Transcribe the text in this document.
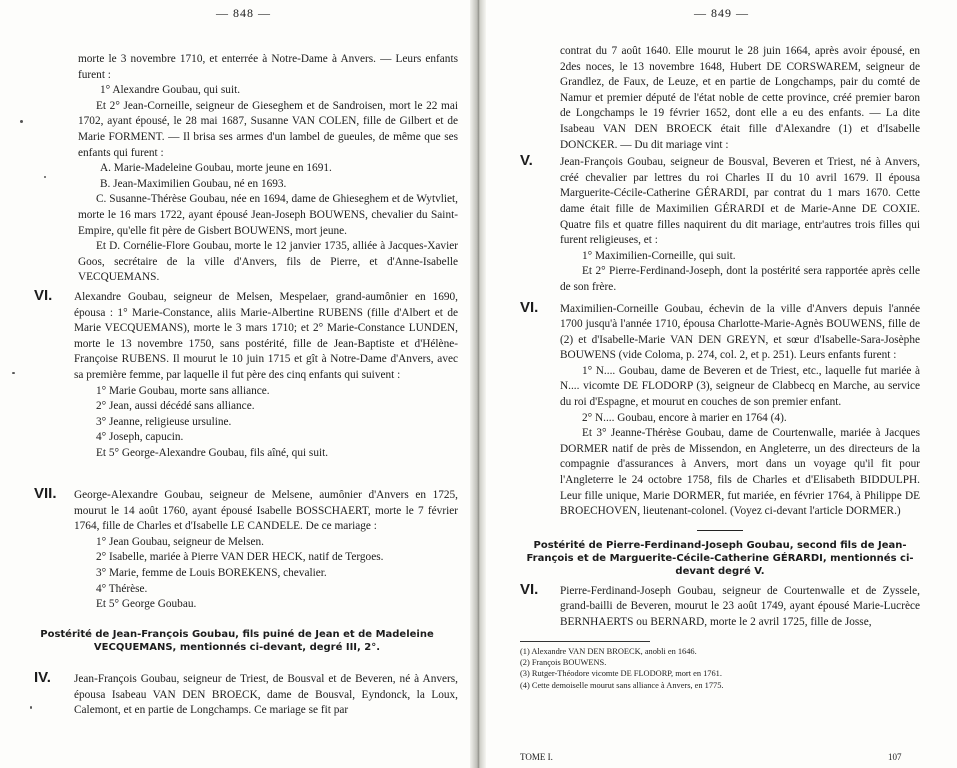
— 848 —

morte le 3 novembre 1710, et enterrée à Notre-Dame à Anvers. — Leurs enfants furent :

1° Alexandre Goubau, qui suit.

Et 2° Jean-Corneille, seigneur de Gieseghem et de Sandroisen, mort le 22 mai 1702, ayant épousé, le 28 mai 1687, Susanne VAN COLEN, fille de Gilbert et de Marie FORMENT. — Il brisa ses armes d'un lambel de gueules, de même que ses enfants qui furent :

A. Marie-Madeleine Goubau, morte jeune en 1691.

B. Jean-Maximilien Goubau, né en 1693.

C. Susanne-Thérèse Goubau, née en 1694, dame de Ghieseghem et de Wytvliet, morte le 16 mars 1722, ayant épousé Jean-Joseph BOUWENS, chevalier du Saint-Empire, qu'elle fit père de Gisbert BOUWENS, mort jeune.

Et D. Cornélie-Flore Goubau, morte le 12 janvier 1735, alliée à Jacques-Xavier Goos, secrétaire de la ville d'Anvers, fils de Pierre, et d'Anne-Isabelle VECQUEMANS.

VI. Alexandre Goubau, seigneur de Melsen, Mespelaer, grand-aumônier en 1690, épousa : 1° Marie-Constance, aliis Marie-Albertine RUBENS (fille d'Albert et de Marie VECQUEMANS), morte le 3 mars 1710; et 2° Marie-Constance LUNDEN, morte le 13 novembre 1750, sans postérité, fille de Jean-Baptiste et d'Hélène-Françoise RUBENS. Il mourut le 10 juin 1715 et gît à Notre-Dame d'Anvers, avec sa première femme, par laquelle il fut père des cinq enfants qui suivent :

1° Marie Goubau, morte sans alliance.

2° Jean, aussi décédé sans alliance.

3° Jeanne, religieuse ursuline.

4° Joseph, capucin.

Et 5° George-Alexandre Goubau, fils aîné, qui suit.

VII. George-Alexandre Goubau, seigneur de Melsene, aumônier d'Anvers en 1725, mourut le 14 août 1760, ayant épousé Isabelle BOSSCHAERT, morte le 7 février 1764, fille de Charles et d'Isabelle LE CANDELE. De ce mariage :

1° Jean Goubau, seigneur de Melsen.

2° Isabelle, mariée à Pierre VAN DER HECK, natif de Tergoes.

3° Marie, femme de Louis BOREKENS, chevalier.

4° Thérèse.

Et 5° George Goubau.

Postérité de Jean-François Goubau, fils puiné de Jean et de Madeleine VECQUEMANS, mentionnés ci-devant, degré III, 2°.
IV. Jean-François Goubau, seigneur de Triest, de Bousval et de Beveren, né à Anvers, épousa Isabeau VAN DEN BROECK, dame de Bousval, Eyndonck, la Loux, Calemont, et en partie de Longchamps. Ce mariage se fit par
— 849 —

contrat du 7 août 1640. Elle mourut le 28 juin 1664, après avoir épousé, en 2des noces, le 13 novembre 1648, Hubert DE CORSWAREM, seigneur de Grandlez, de Faux, de Leuze, et en partie de Longchamps, pair du comté de Namur et premier député de l'état noble de cette province, créé premier baron de Longchamps le 19 février 1652, dont elle a eu des enfants. — La dite Isabeau VAN DEN BROECK était fille d'Alexandre (1) et d'Isabelle DONCKER. — Du dit mariage vint :

V. Jean-François Goubau, seigneur de Bousval, Beveren et Triest, né à Anvers, créé chevalier par lettres du roi Charles II du 10 avril 1679. Il épousa Marguerite-Cécile-Catherine GÉRARDI, par contrat du 1 mars 1670. Cette dame était fille de Maximilien GÉRARDI et de Marie-Anne DE COXIE. Quatre fils et quatre filles naquirent du dit mariage, entr'autres trois filles qui furent religieuses, et :

1° Maximilien-Corneille, qui suit.

Et 2° Pierre-Ferdinand-Joseph, dont la postérité sera rapportée après celle de son frère.

VI. Maximilien-Corneille Goubau, échevin de la ville d'Anvers depuis l'année 1700 jusqu'à l'année 1710, épousa Charlotte-Marie-Agnès BOUWENS, fille de (2) et d'Isabelle-Marie VAN DEN GREYN, et sœur d'Isabelle-Sara-Josèphe BOUWENS (vide Coloma, p. 274, col. 2, et p. 251). Leurs enfants furent :

1° N.... Goubau, dame de Beveren et de Triest, etc., laquelle fut mariée à N.... vicomte DE FLODORP (3), seigneur de Clabbecq en Marche, au service du roi d'Espagne, et mourut en couches de son premier enfant.

2° N.... Goubau, encore à marier en 1764 (4).

Et 3° Jeanne-Thérèse Goubau, dame de Courtenwalle, mariée à Jacques DORMER natif de près de Missendon, en Angleterre, un des directeurs de la compagnie d'assurances à Anvers, mort dans un voyage qu'il fit pour l'Angleterre le 24 octobre 1758, fils de Charles et d'Elisabeth BIDDULPH. Leur fille unique, Marie DORMER, fut mariée, en février 1764, à Philippe DE BROECHOVEN, lieutenant-colonel. (Voyez ci-devant l'article DORMER.)

Postérité de Pierre-Ferdinand-Joseph Goubau, second fils de Jean-François et de Marguerite-Cécile-Catherine GÉRARDI, mentionnés ci-devant degré V.
VI. Pierre-Ferdinand-Joseph Goubau, seigneur de Courtenwalle et de Zyssele, grand-bailli de Beveren, mourut le 23 août 1749, ayant épousé Marie-Lucrèce BERNHAERTS ou BERNARD, morte le 2 avril 1725, fille de Josse,

(1) Alexandre VAN DEN BROECK, anobli en 1646.

(2) François BOUWENS.

(3) Rutger-Théodore vicomte DE FLODORP, mort en 1761.

(4) Cette demoiselle mourut sans alliance à Anvers, en 1775.

TOME I.	107
